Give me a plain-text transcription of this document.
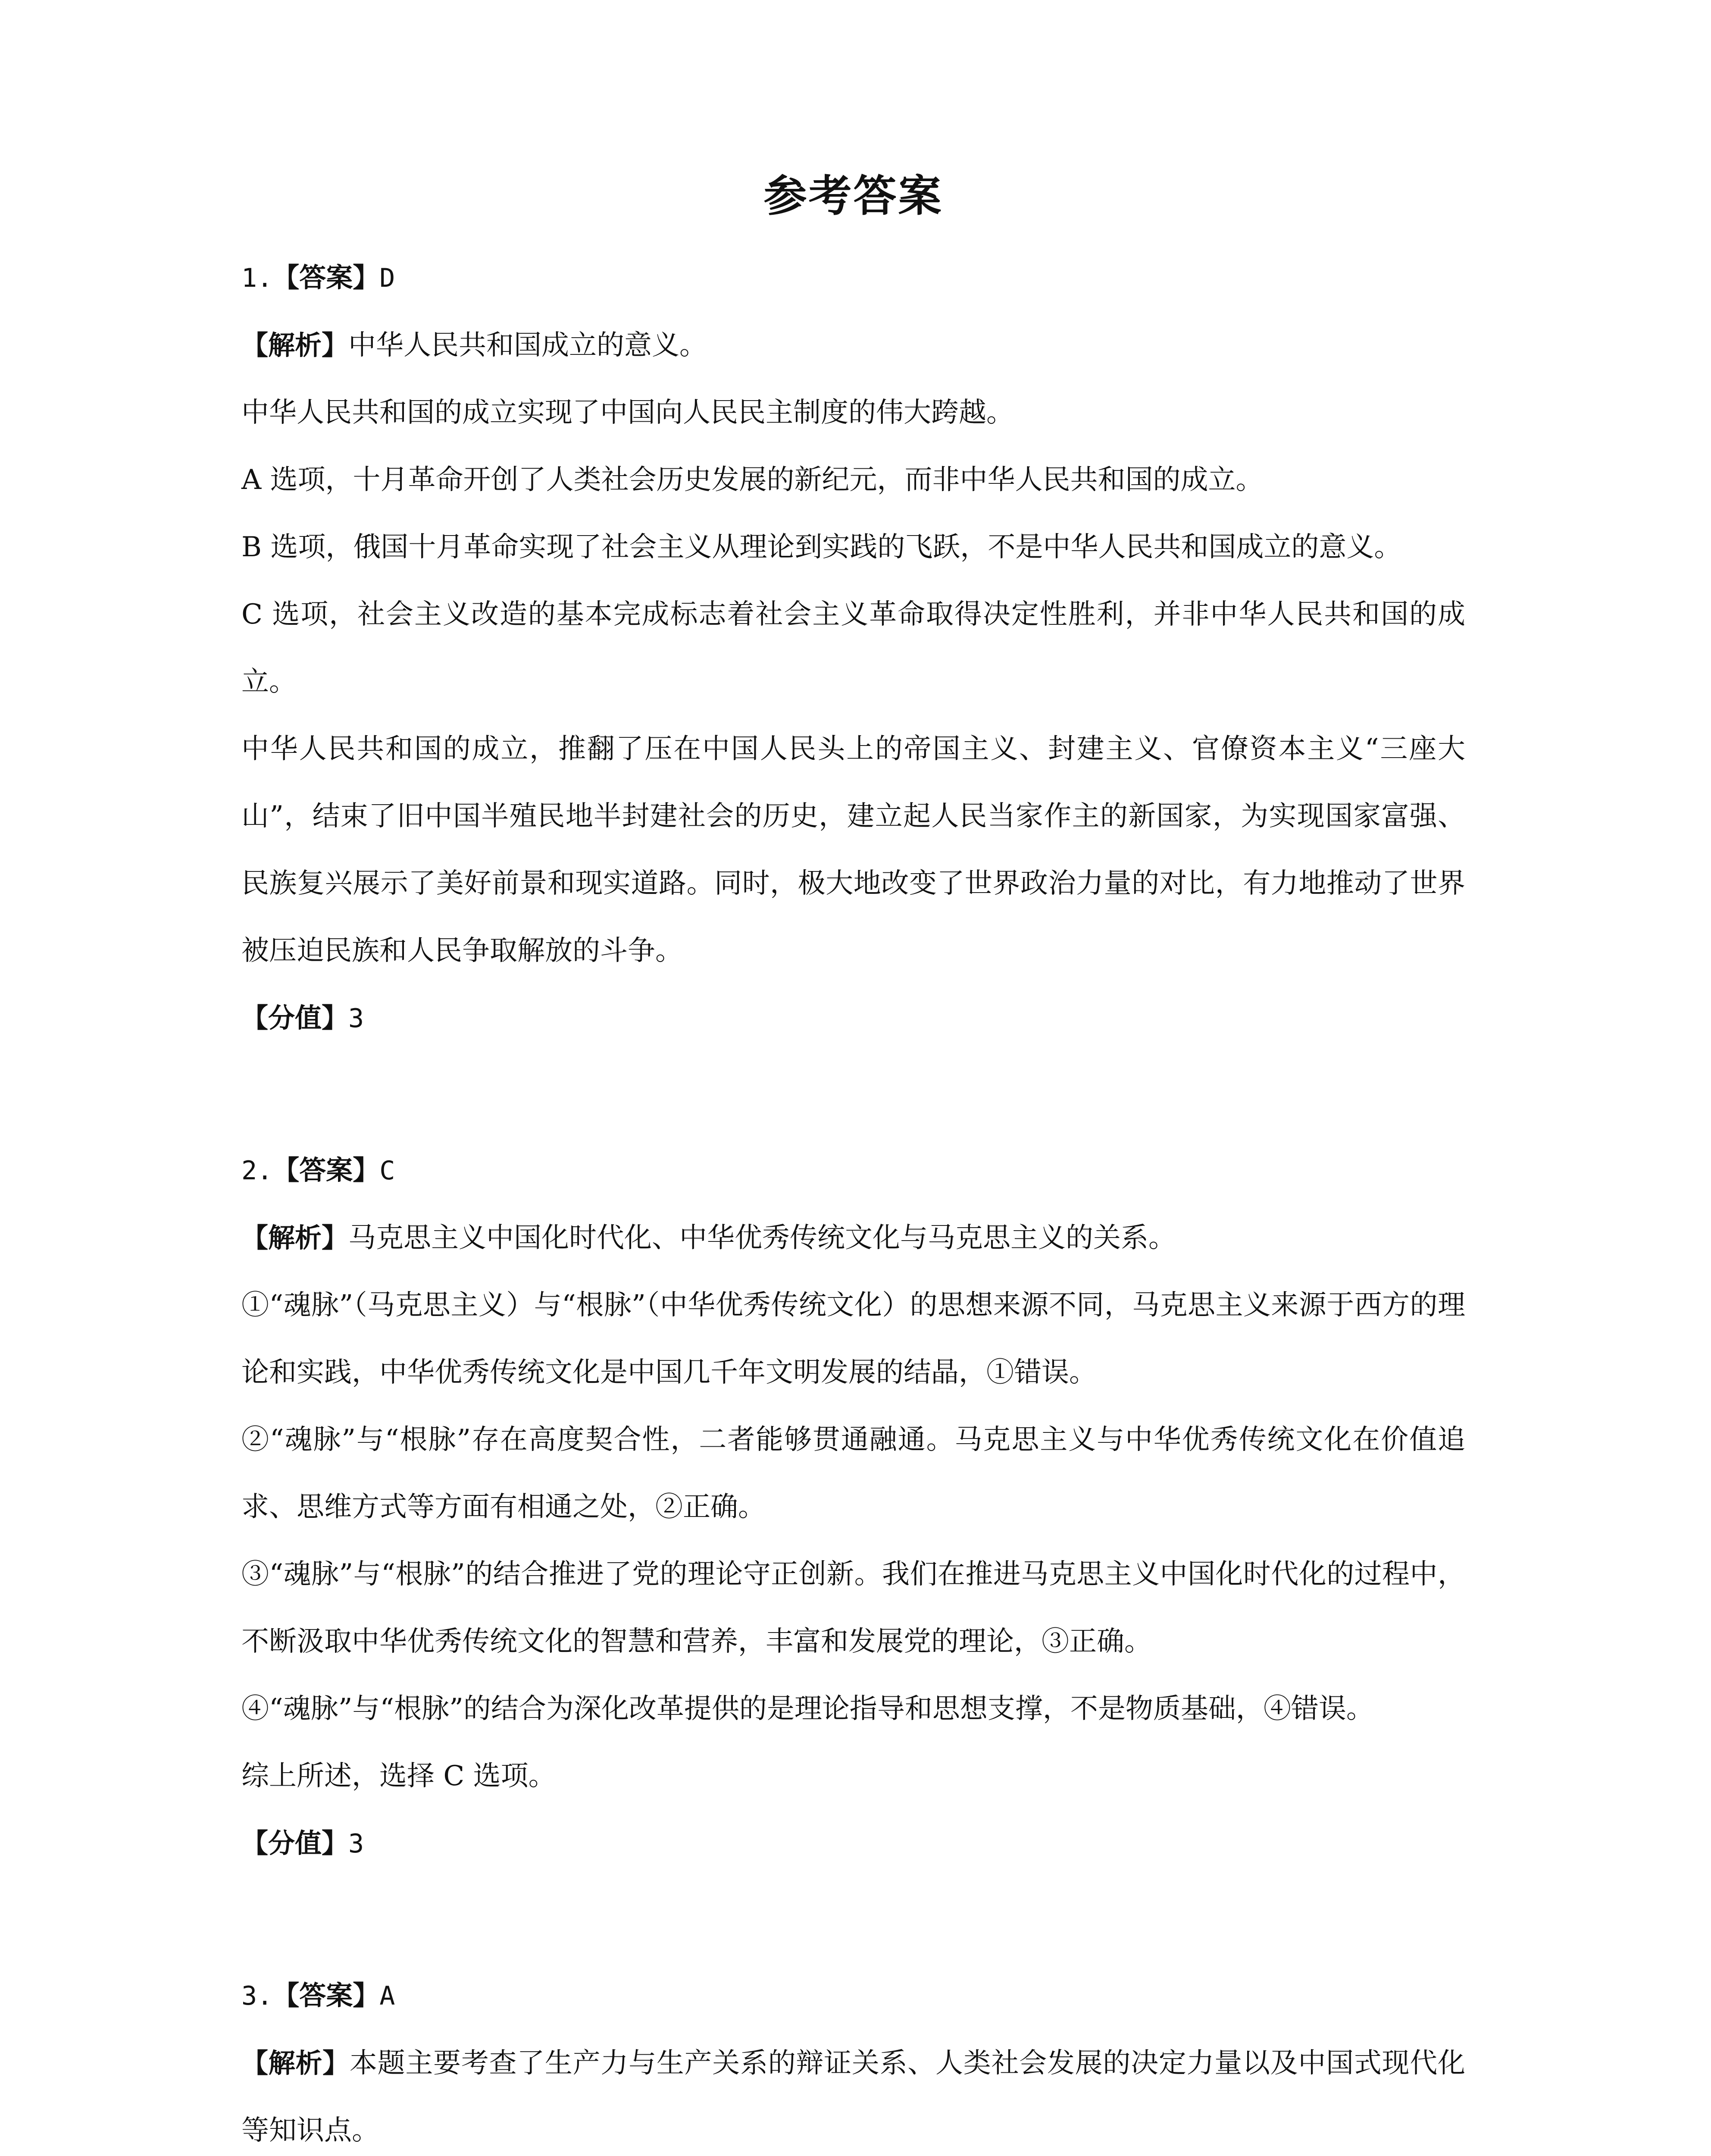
参考答案

1.【答案】D

【解析】中华人民共和国成立的意义。

中华人民共和国的成立实现了中国向人民民主制度的伟大跨越。

A 选项，十月革命开创了人类社会历史发展的新纪元，而非中华人民共和国的成立。

B 选项，俄国十月革命实现了社会主义从理论到实践的飞跃，不是中华人民共和国成立的意义。

C 选项，社会主义改造的基本完成标志着社会主义革命取得决定性胜利，并非中华人民共和国的成立。

中华人民共和国的成立，推翻了压在中国人民头上的帝国主义、封建主义、官僚资本主义“三座大山”，结束了旧中国半殖民地半封建社会的历史，建立起人民当家作主的新国家，为实现国家富强、民族复兴展示了美好前景和现实道路。同时，极大地改变了世界政治力量的对比，有力地推动了世界被压迫民族和人民争取解放的斗争。

【分值】3

2.【答案】C

【解析】马克思主义中国化时代化、中华优秀传统文化与马克思主义的关系。

①“魂脉”（马克思主义）与“根脉”（中华优秀传统文化）的思想来源不同，马克思主义来源于西方的理论和实践，中华优秀传统文化是中国几千年文明发展的结晶，①错误。

②“魂脉”与“根脉”存在高度契合性，二者能够贯通融通。马克思主义与中华优秀传统文化在价值追求、思维方式等方面有相通之处，②正确。

③“魂脉”与“根脉”的结合推进了党的理论守正创新。我们在推进马克思主义中国化时代化的过程中，不断汲取中华优秀传统文化的智慧和营养，丰富和发展党的理论，③正确。

④“魂脉”与“根脉”的结合为深化改革提供的是理论指导和思想支撑，不是物质基础，④错误。

综上所述，选择 C 选项。

【分值】3

3.【答案】A

【解析】本题主要考查了生产力与生产关系的辩证关系、人类社会发展的决定力量以及中国式现代化等知识点。
